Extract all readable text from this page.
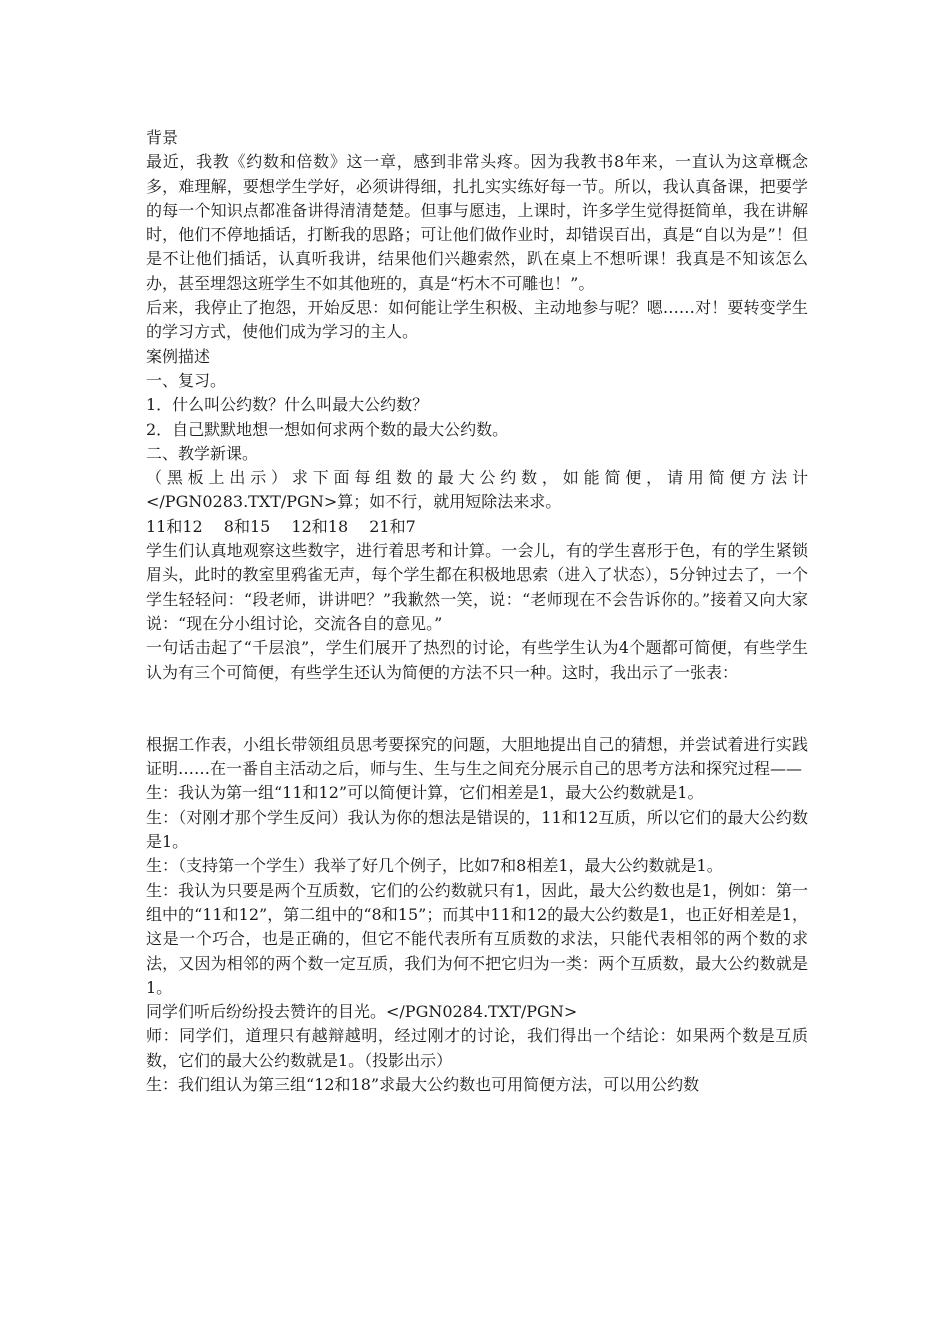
背景

最近，我教《约数和倍数》这一章，感到非常头疼。因为我教书8年来，一直认为这章概念多，难理解，要想学生学好，必须讲得细，扎扎实实练好每一节。所以，我认真备课，把要学的每一个知识点都准备讲得清清楚楚。但事与愿违，上课时，许多学生觉得挺简单，我在讲解时，他们不停地插话，打断我的思路；可让他们做作业时，却错误百出，真是“自以为是”！但是不让他们插话，认真听我讲，结果他们兴趣索然，趴在桌上不想听课！我真是不知该怎么办，甚至埋怨这班学生不如其他班的，真是“朽木不可雕也！”。

后来，我停止了抱怨，开始反思：如何能让学生积极、主动地参与呢？嗯……对！要转变学生的学习方式，使他们成为学习的主人。

案例描述

一、复习。

1．什么叫公约数？什么叫最大公约数？

2．自己默默地想一想如何求两个数的最大公约数。

二、教学新课。

（黑板上出示）求下面每组数的最大公约数，如能简便，请用简便方法计</PGN0283.TXT/PGN>算；如不行，就用短除法来求。

11和12　 8和15　 12和18　 21和7

学生们认真地观察这些数字，进行着思考和计算。一会儿，有的学生喜形于色，有的学生紧锁眉头，此时的教室里鸦雀无声，每个学生都在积极地思索（进入了状态），5分钟过去了，一个学生轻轻问：“段老师，讲讲吧？”我歉然一笑，说：“老师现在不会告诉你的。”接着又向大家说：“现在分小组讨论，交流各自的意见。”

一句话击起了“千层浪”，学生们展开了热烈的讨论，有些学生认为4个题都可简便，有些学生认为有三个可简便，有些学生还认为简便的方法不只一种。这时，我出示了一张表：

根据工作表，小组长带领组员思考要探究的问题，大胆地提出自己的猜想，并尝试着进行实践证明……在一番自主活动之后，师与生、生与生之间充分展示自己的思考方法和探究过程——

生：我认为第一组“11和12”可以简便计算，它们相差是1，最大公约数就是1。

生：（对刚才那个学生反问）我认为你的想法是错误的，11和12互质，所以它们的最大公约数是1。

生：（支持第一个学生）我举了好几个例子，比如7和8相差1，最大公约数就是1。

生：我认为只要是两个互质数，它们的公约数就只有1，因此，最大公约数也是1，例如：第一组中的“11和12”，第二组中的“8和15”；而其中11和12的最大公约数是1，也正好相差是1，这是一个巧合，也是正确的，但它不能代表所有互质数的求法，只能代表相邻的两个数的求法，又因为相邻的两个数一定互质，我们为何不把它归为一类：两个互质数，最大公约数就是1。

同学们听后纷纷投去赞许的目光。</PGN0284.TXT/PGN>

师：同学们，道理只有越辩越明，经过刚才的讨论，我们得出一个结论：如果两个数是互质数，它们的最大公约数就是1。（投影出示）

生：我们组认为第三组“12和18”求最大公约数也可用简便方法，可以用公约数
